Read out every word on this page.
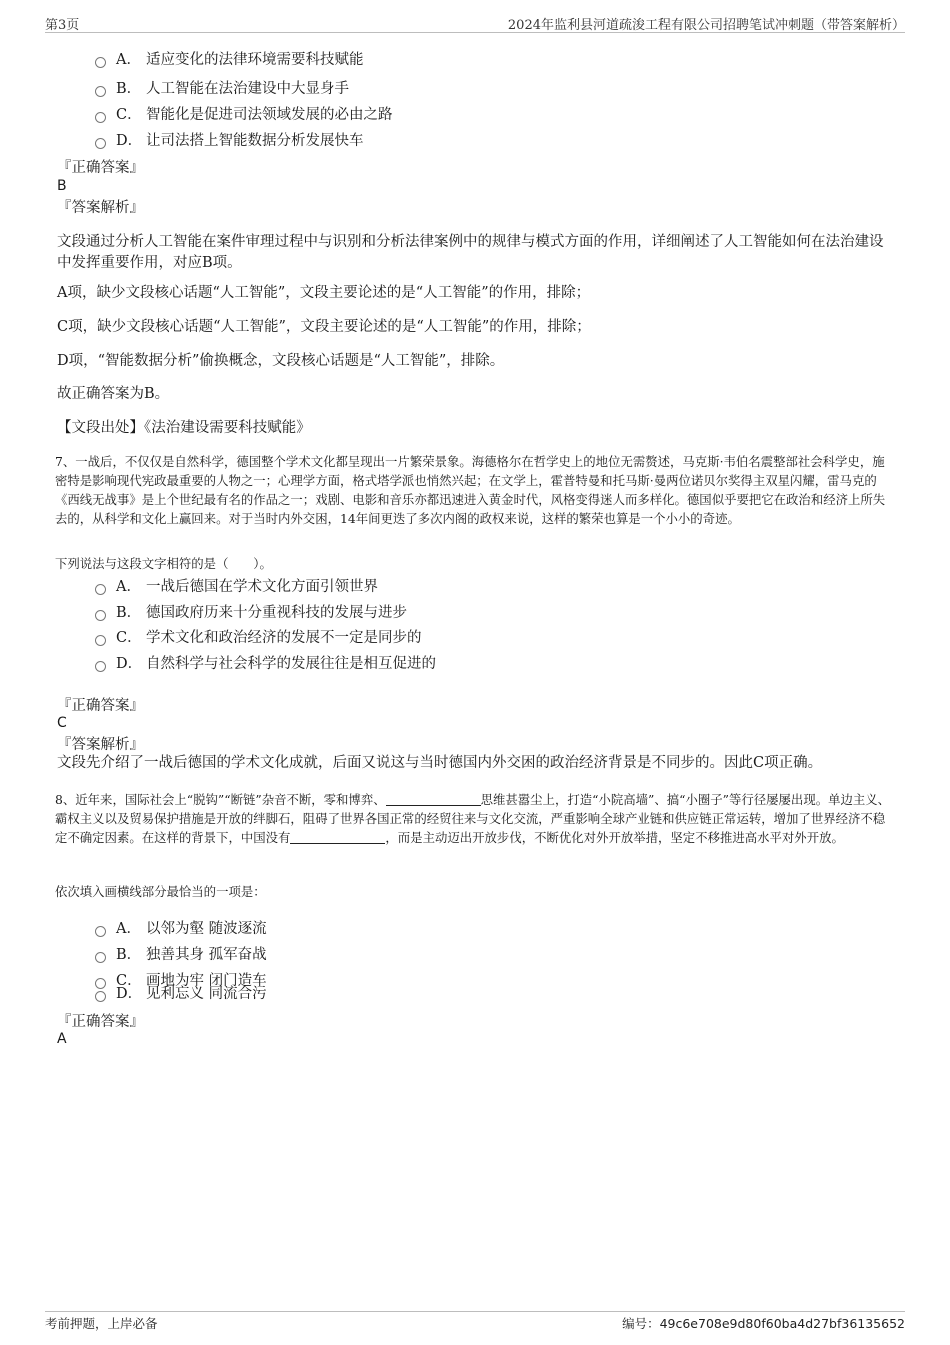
第3页	2024年监利县河道疏浚工程有限公司招聘笔试冲刺题（带答案解析）
A． 适应变化的法律环境需要科技赋能
B． 人工智能在法治建设中大显身手
C． 智能化是促进司法领域发展的必由之路
D． 让司法搭上智能数据分析发展快车
『正确答案』
B
『答案解析』
文段通过分析人工智能在案件审理过程中与识别和分析法律案例中的规律与模式方面的作用，详细阐述了人工智能如何在法治建设中发挥重要作用，对应B项。
A项，缺少文段核心话题“人工智能”，文段主要论述的是“人工智能”的作用，排除；
C项，缺少文段核心话题“人工智能”，文段主要论述的是“人工智能”的作用，排除；
D项，“智能数据分析”偷换概念，文段核心话题是“人工智能”，排除。
故正确答案为B。
【文段出处】《法治建设需要科技赋能》
7、一战后，不仅仅是自然科学，德国整个学术文化都呈现出一片繁荣景象。海德格尔在哲学史上的地位无需赘述，马克斯·韦伯名震整部社会科学史，施密特是影响现代宪政最重要的人物之一；心理学方面，格式塔学派也悄然兴起；在文学上，霍普特曼和托马斯·曼两位诺贝尔奖得主双星闪耀，雷马克的《西线无战事》是上个世纪最有名的作品之一；戏剧、电影和音乐亦都迅速进入黄金时代，风格变得迷人而多样化。德国似乎要把它在政治和经济上所失去的，从科学和文化上赢回来。对于当时内外交困，14年间更迭了多次内阁的政权来说，这样的繁荣也算是一个小小的奇迹。
下列说法与这段文字相符的是（　　）。
A． 一战后德国在学术文化方面引领世界
B． 德国政府历来十分重视科技的发展与进步
C． 学术文化和政治经济的发展不一定是同步的
D． 自然科学与社会科学的发展往往是相互促进的
『正确答案』
C
『答案解析』
文段先介绍了一战后德国的学术文化成就，后面又说这与当时德国内外交困的政治经济背景是不同步的。因此C项正确。
8、近年来，国际社会上“脱钩”“断链”杂音不断，零和博弈、	思维甚嚣尘上，打造“小院高墙”、搞“小圈子”等行径屡屡出现。单边主义、霸权主义以及贸易保护措施是开放的绊脚石，阻碍了世界各国正常的经贸往来与文化交流，严重影响全球产业链和供应链正常运转，增加了世界经济不稳定不确定因素。在这样的背景下，中国没有	，而是主动迈出开放步伐，不断优化对外开放举措，坚定不移推进高水平对外开放。
依次填入画横线部分最恰当的一项是：
A． 以邻为壑 随波逐流
B． 独善其身 孤军奋战
C． 画地为牢 闭门造车
D． 见利忘义 同流合污
『正确答案』
A
考前押题，上岸必备	编号：49c6e708e9d80f60ba4d27bf36135652
